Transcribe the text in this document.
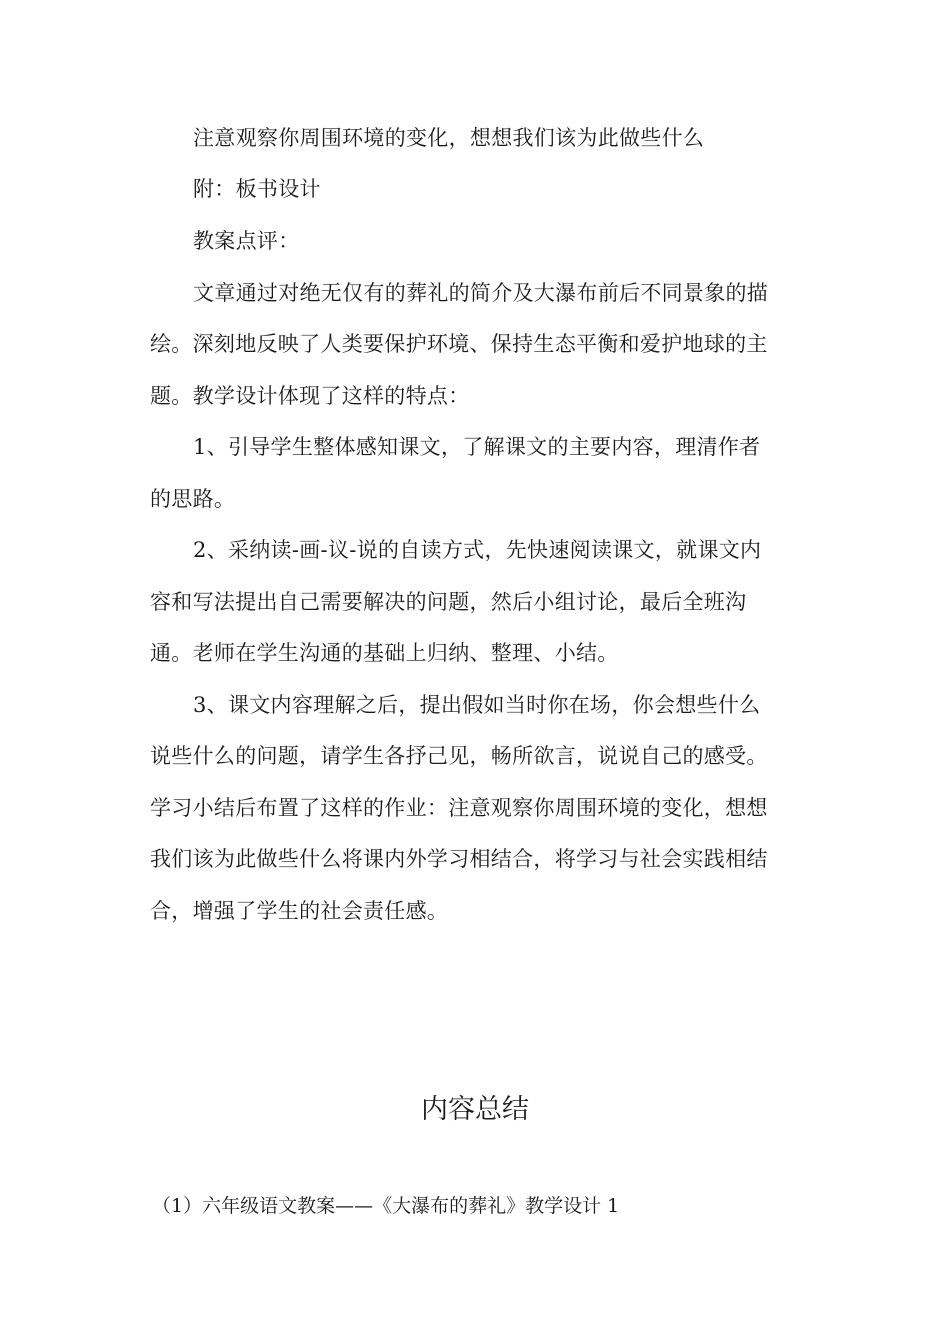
注意观察你周围环境的变化，想想我们该为此做些什么
附：板书设计
教案点评：
文章通过对绝无仅有的葬礼的简介及大瀑布前后不同景象的描
绘。深刻地反映了人类要保护环境、保持生态平衡和爱护地球的主
题。教学设计体现了这样的特点：
1、引导学生整体感知课文，了解课文的主要内容，理清作者
的思路。
2、采纳读-画-议-说的自读方式，先快速阅读课文，就课文内
容和写法提出自己需要解决的问题，然后小组讨论，最后全班沟
通。老师在学生沟通的基础上归纳、整理、小结。
3、课文内容理解之后，提出假如当时你在场，你会想些什么
说些什么的问题，请学生各抒己见，畅所欲言，说说自己的感受。
学习小结后布置了这样的作业：注意观察你周围环境的变化，想想
我们该为此做些什么将课内外学习相结合，将学习与社会实践相结
合，增强了学生的社会责任感。
内容总结
（1）六年级语文教案——《大瀑布的葬礼》教学设计 1
